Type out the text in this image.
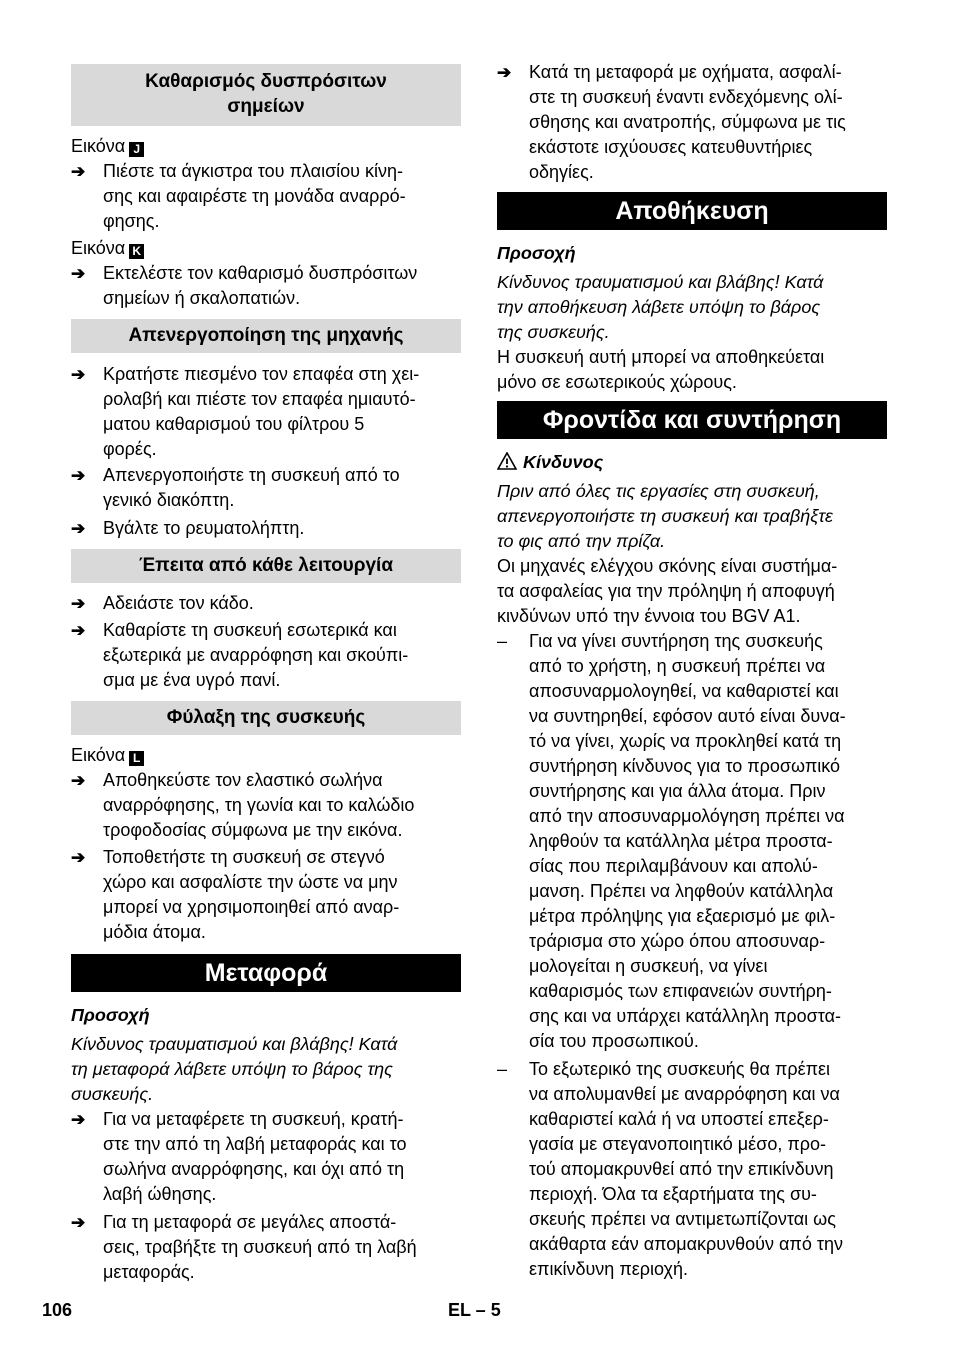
Καθαρισμός δυσπρόσιτων
σημείων
Εικόνα J
➔ Πιέστε τα άγκιστρα του πλαισίου κίνη-
σης και αφαιρέστε τη μονάδα αναρρό-
φησης.
Εικόνα K
➔ Εκτελέστε τον καθαρισμό δυσπρόσιτων
σημείων ή σκαλοπατιών.
Απενεργοποίηση της μηχανής
➔ Κρατήστε πιεσμένο τον επαφέα στη χει-
ρολαβή και πιέστε τον επαφέα ημιαυτό-
ματου καθαρισμού του φίλτρου 5
φορές.
➔ Απενεργοποιήστε τη συσκευή από το
γενικό διακόπτη.
➔ Βγάλτε το ρευματολήπτη.
Έπειτα από κάθε λειτουργία
➔ Αδειάστε τον κάδο.
➔ Καθαρίστε τη συσκευή εσωτερικά και
εξωτερικά με αναρρόφηση και σκούπι-
σμα με ένα υγρό πανί.
Φύλαξη της συσκευής
Εικόνα L
➔ Αποθηκεύστε τον ελαστικό σωλήνα
αναρρόφησης, τη γωνία και το καλώδιο
τροφοδοσίας σύμφωνα με την εικόνα.
➔ Τοποθετήστε τη συσκευή σε στεγνό
χώρο και ασφαλίστε την ώστε να μην
μπορεί να χρησιμοποιηθεί από αναρ-
μόδια άτομα.
Μεταφορά
Προσοχή
Κίνδυνος τραυματισμού και βλάβης! Κατά
τη μεταφορά λάβετε υπόψη το βάρος της
συσκευής.
➔ Για να μεταφέρετε τη συσκευή, κρατή-
στε την από τη λαβή μεταφοράς και το
σωλήνα αναρρόφησης, και όχι από τη
λαβή ώθησης.
➔ Για τη μεταφορά σε μεγάλες αποστά-
σεις, τραβήξτε τη συσκευή από τη λαβή
μεταφοράς.
➔ Κατά τη μεταφορά με οχήματα, ασφαλί-
στε τη συσκευή έναντι ενδεχόμενης ολί-
σθησης και ανατροπής, σύμφωνα με τις
εκάστοτε ισχύουσες κατευθυντήριες
οδηγίες.
Αποθήκευση
Προσοχή
Κίνδυνος τραυματισμού και βλάβης! Κατά
την αποθήκευση λάβετε υπόψη το βάρος
της συσκευής.
Η συσκευή αυτή μπορεί να αποθηκεύεται
μόνο σε εσωτερικούς χώρους.
Φροντίδα και συντήρηση
Κίνδυνος
Πριν από όλες τις εργασίες στη συσκευή,
απενεργοποιήστε τη συσκευή και τραβήξτε
το φις από την πρίζα.
Οι μηχανές ελέγχου σκόνης είναι συστήμα-
τα ασφαλείας για την πρόληψη ή αποφυγή
κινδύνων υπό την έννοια του BGV A1.
– Για να γίνει συντήρηση της συσκευής
από το χρήστη, η συσκευή πρέπει να
αποσυναρμολογηθεί, να καθαριστεί και
να συντηρηθεί, εφόσον αυτό είναι δυνα-
τό να γίνει, χωρίς να προκληθεί κατά τη
συντήρηση κίνδυνος για το προσωπικό
συντήρησης και για άλλα άτομα. Πριν
από την αποσυναρμολόγηση πρέπει να
ληφθούν τα κατάλληλα μέτρα προστα-
σίας που περιλαμβάνουν και απολύ-
μανση. Πρέπει να ληφθούν κατάλληλα
μέτρα πρόληψης για εξαερισμό με φιλ-
τράρισμα στο χώρο όπου αποσυναρ-
μολογείται η συσκευή, να γίνει
καθαρισμός των επιφανειών συντήρη-
σης και να υπάρχει κατάλληλη προστα-
σία του προσωπικού.
– Το εξωτερικό της συσκευής θα πρέπει
να απολυμανθεί με αναρρόφηση και να
καθαριστεί καλά ή να υποστεί επεξερ-
γασία με στεγανοποιητικό μέσο, προ-
τού απομακρυνθεί από την επικίνδυνη
περιοχή. Όλα τα εξαρτήματα της συ-
σκευής πρέπει να αντιμετωπίζονται ως
ακάθαρτα εάν απομακρυνθούν από την
επικίνδυνη περιοχή.
106	EL – 5
